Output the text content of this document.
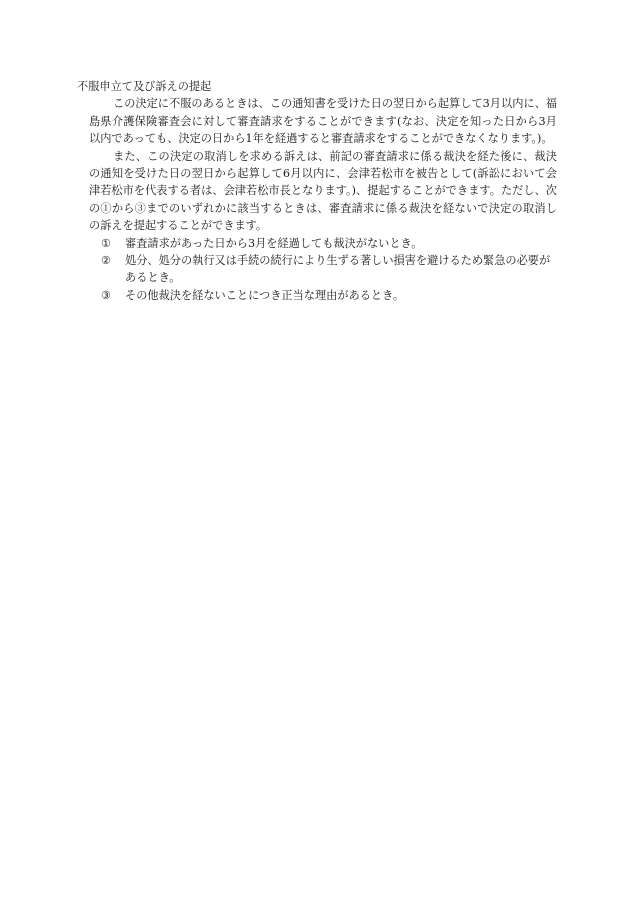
不服申立て及び訴えの提起

この決定に不服のあるときは、この通知書を受けた日の翌日から起算して3月以内に、福島県介護保険審査会に対して審査請求をすることができます(なお、決定を知った日から3月以内であっても、決定の日から1年を経過すると審査請求をすることができなくなります。)。

また、この決定の取消しを求める訴えは、前記の審査請求に係る裁決を経た後に、裁決の通知を受けた日の翌日から起算して6月以内に、会津若松市を被告として(訴訟において会津若松市を代表する者は、会津若松市長となります。)、提起することができます。ただし、次の①から③までのいずれかに該当するときは、審査請求に係る裁決を経ないで決定の取消しの訴えを提起することができます。

①	審査請求があった日から3月を経過しても裁決がないとき。
②	処分、処分の執行又は手続の続行により生ずる著しい損害を避けるため緊急の必要があるとき。
③	その他裁決を経ないことにつき正当な理由があるとき。
